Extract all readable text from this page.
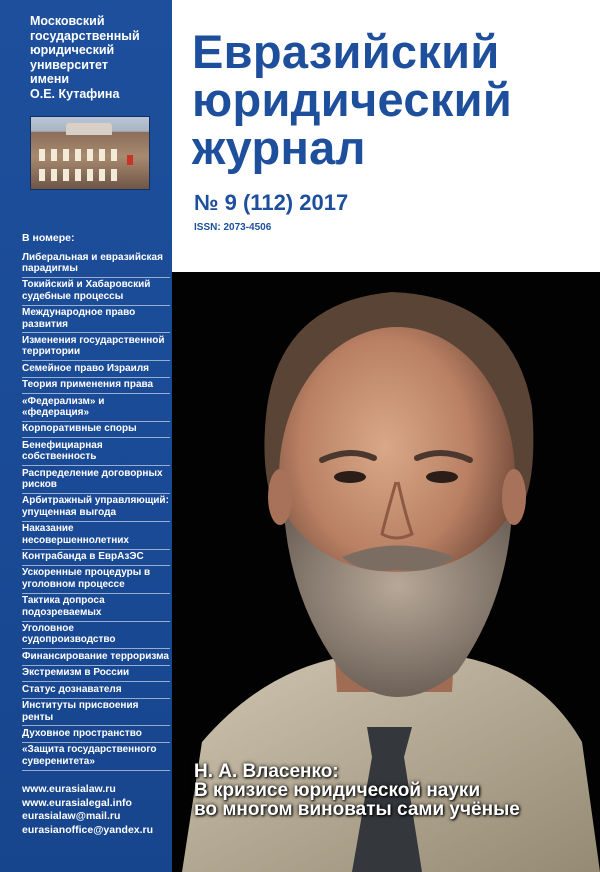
Московский
государственный
юридический
университет
имени
О.Е. Кутафина
В номере:
Либеральная и евразийская парадигмы
Токийский и Хабаровский судебные процессы
Международное право развития
Изменения государственной территории
Семейное право Израиля
Теория применения права
«Федерализм» и «федерация»
Корпоративные споры
Бенефициарная собственность
Распределение договорных рисков
Арбитражный управляющий: упущенная выгода
Наказание несовершеннолетних
Контрабанда в ЕврАзЭС
Ускоренные процедуры в уголовном процессе
Тактика допроса подозреваемых
Уголовное судопроизводство
Финансирование терроризма
Экстремизм в России
Статус дознавателя
Институты присвоения ренты
Духовное пространство
«Защита государственного суверенитета»
www.eurasialaw.ru
www.eurasialegal.info
eurasialaw@mail.ru
eurasianoffice@yandex.ru
Евразийский
юридический
журнал
№ 9 (112) 2017
ISSN: 2073-4506
Н. А. Власенко:
В кризисе юридической науки
во многом виноваты сами учёные
